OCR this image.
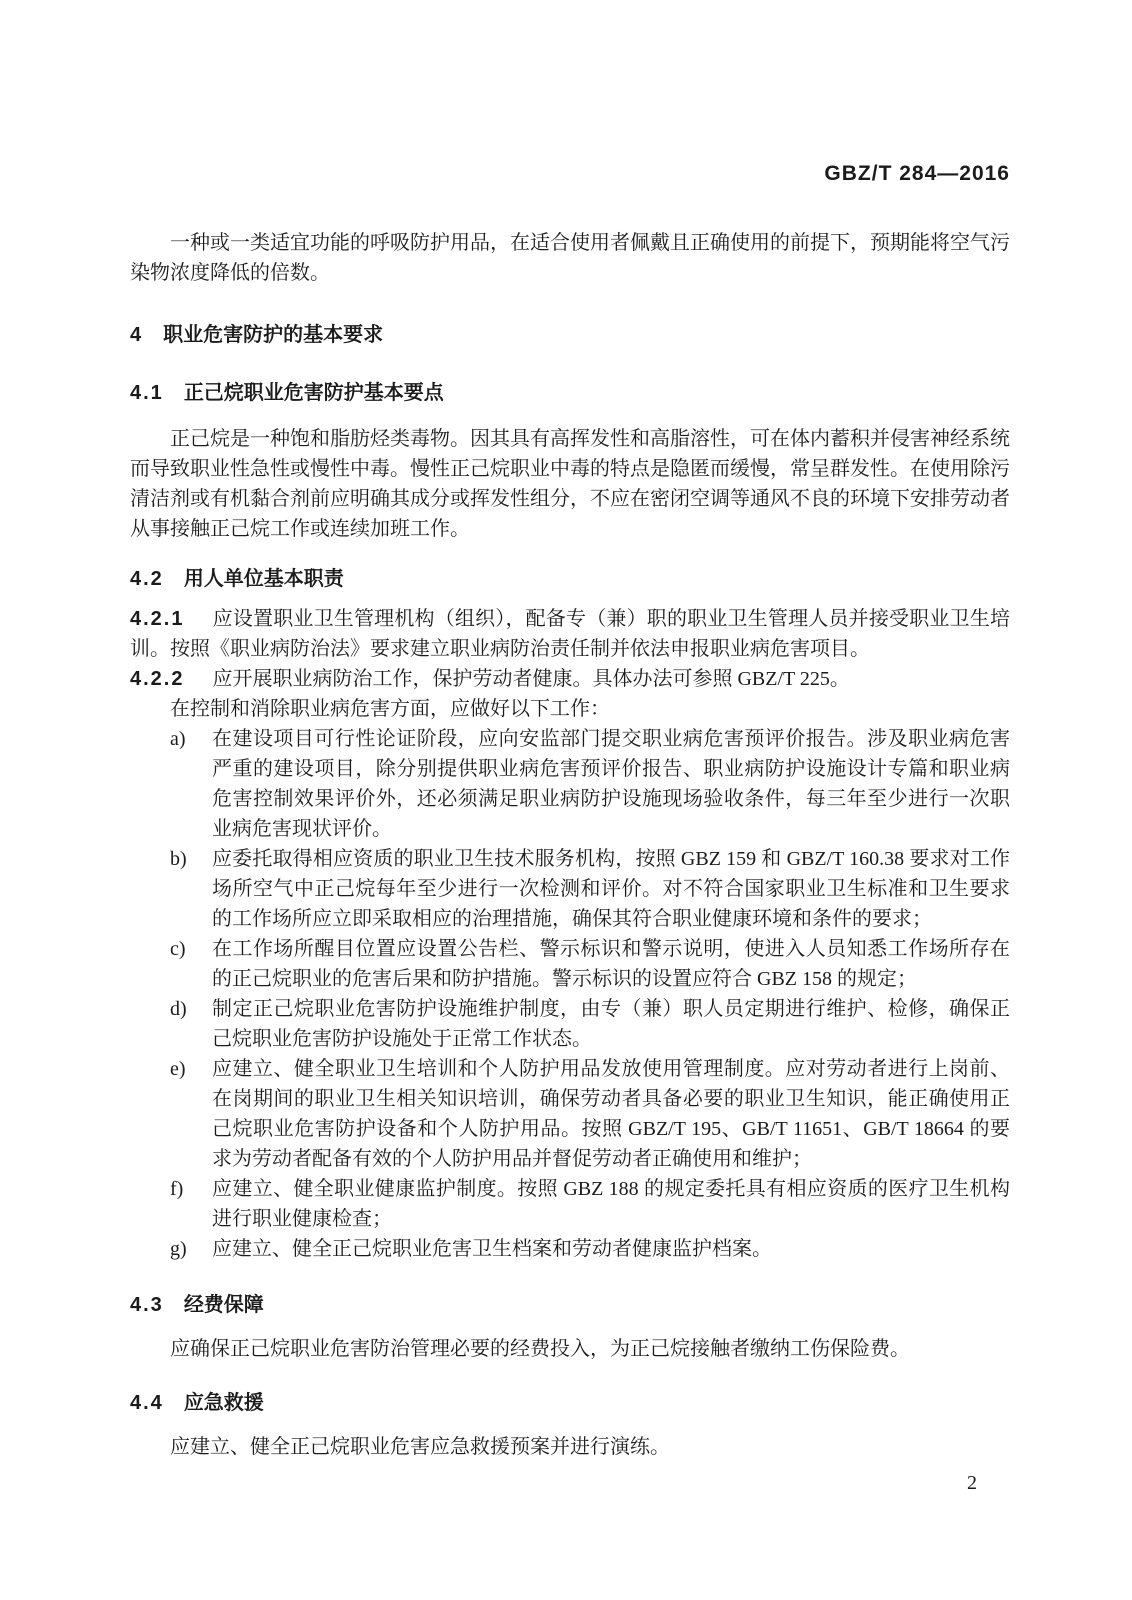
GBZ/T 284—2016

一种或一类适宜功能的呼吸防护用品，在适合使用者佩戴且正确使用的前提下，预期能将空气污染物浓度降低的倍数。

4 职业危害防护的基本要求
4.1 正己烷职业危害防护基本要点

正己烷是一种饱和脂肪烃类毒物。因其具有高挥发性和高脂溶性，可在体内蓄积并侵害神经系统而导致职业性急性或慢性中毒。慢性正己烷职业中毒的特点是隐匿而缓慢，常呈群发性。在使用除污清洁剂或有机黏合剂前应明确其成分或挥发性组分，不应在密闭空调等通风不良的环境下安排劳动者从事接触正己烷工作或连续加班工作。

4.2 用人单位基本职责

4.2.1 应设置职业卫生管理机构（组织），配备专（兼）职的职业卫生管理人员并接受职业卫生培训。按照《职业病防治法》要求建立职业病防治责任制并依法申报职业病危害项目。

4.2.2 应开展职业病防治工作，保护劳动者健康。具体办法可参照 GBZ/T 225。

在控制和消除职业病危害方面，应做好以下工作：

a)	在建设项目可行性论证阶段，应向安监部门提交职业病危害预评价报告。涉及职业病危害严重的建设项目，除分别提供职业病危害预评价报告、职业病防护设施设计专篇和职业病危害控制效果评价外，还必须满足职业病防护设施现场验收条件，每三年至少进行一次职业病危害现状评价。
b)	应委托取得相应资质的职业卫生技术服务机构，按照 GBZ 159 和 GBZ/T 160.38 要求对工作场所空气中正己烷每年至少进行一次检测和评价。对不符合国家职业卫生标准和卫生要求的工作场所应立即采取相应的治理措施，确保其符合职业健康环境和条件的要求；
c)	在工作场所醒目位置应设置公告栏、警示标识和警示说明，使进入人员知悉工作场所存在的正己烷职业的危害后果和防护措施。警示标识的设置应符合 GBZ 158 的规定；
d)	制定正己烷职业危害防护设施维护制度，由专（兼）职人员定期进行维护、检修，确保正己烷职业危害防护设施处于正常工作状态。
e)	应建立、健全职业卫生培训和个人防护用品发放使用管理制度。应对劳动者进行上岗前、在岗期间的职业卫生相关知识培训，确保劳动者具备必要的职业卫生知识，能正确使用正己烷职业危害防护设备和个人防护用品。按照 GBZ/T 195、GB/T 11651、GB/T 18664 的要求为劳动者配备有效的个人防护用品并督促劳动者正确使用和维护；
f)	应建立、健全职业健康监护制度。按照 GBZ 188 的规定委托具有相应资质的医疗卫生机构进行职业健康检查；
g)	应建立、健全正己烷职业危害卫生档案和劳动者健康监护档案。
4.3 经费保障

应确保正己烷职业危害防治管理必要的经费投入，为正己烷接触者缴纳工伤保险费。

4.4 应急救援

应建立、健全正己烷职业危害应急救援预案并进行演练。

2
